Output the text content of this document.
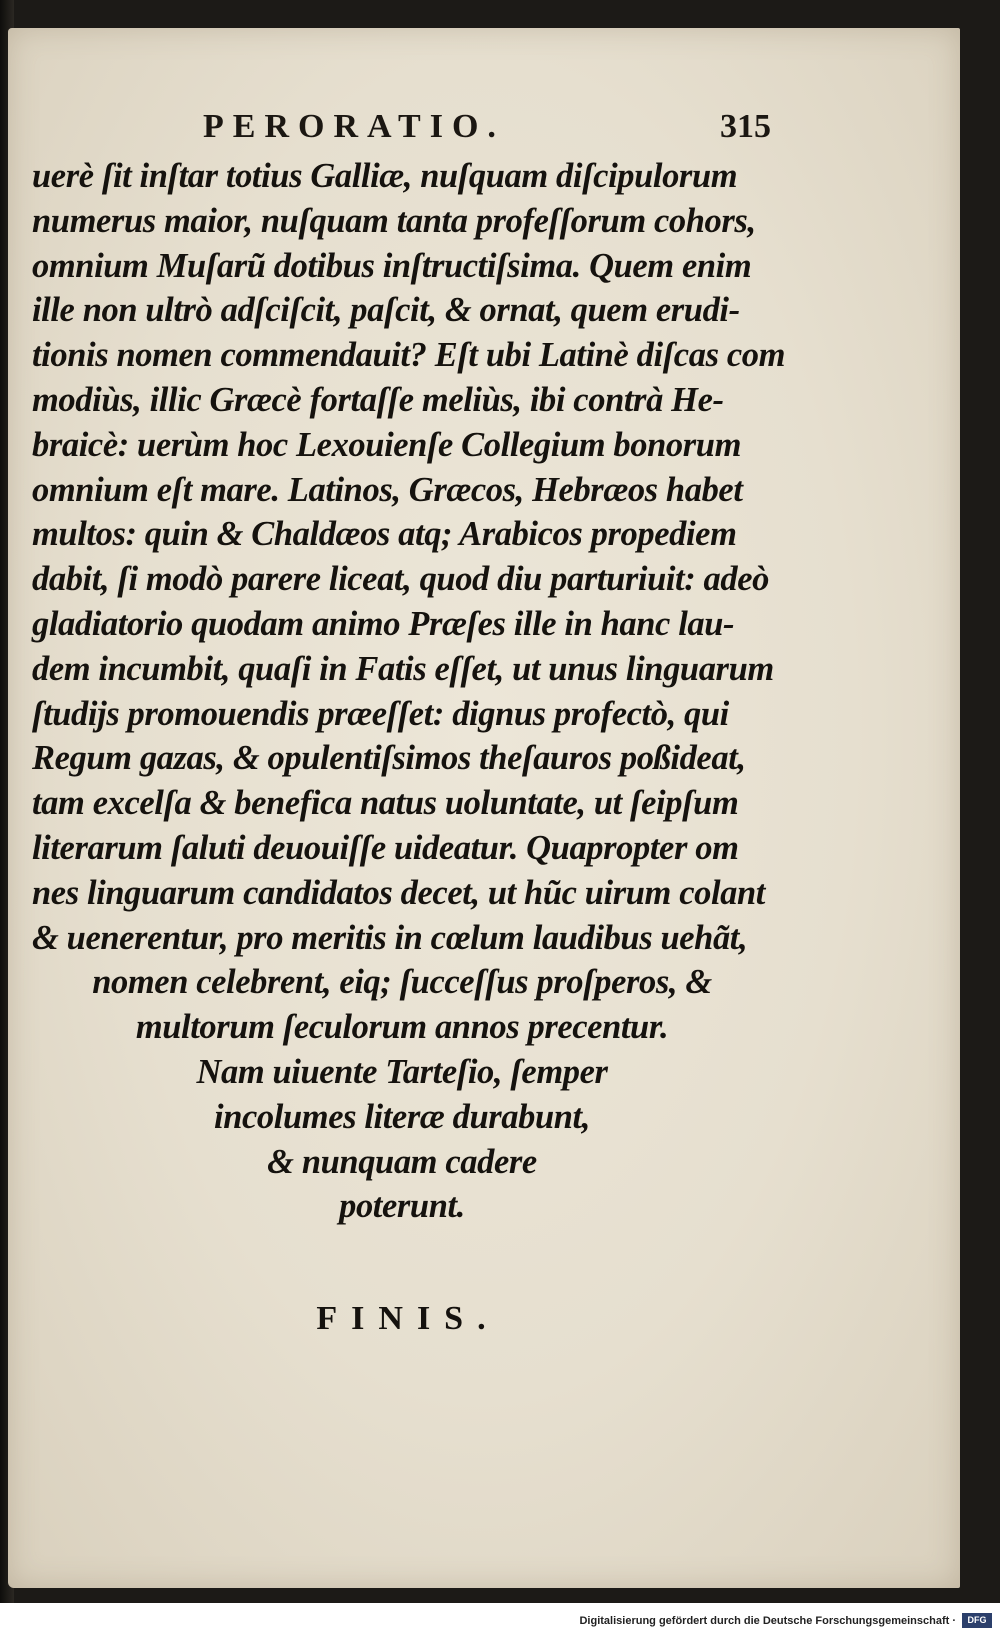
PERORATIO.	315
uerè ſit inſtar totius Galliæ, nuſquam diſcipulorum
numerus maior, nuſquam tanta profeſſorum cohors,
omnium Muſarũ dotibus inſtructiſsima. Quem enim
ille non ultrò adſciſcit, paſcit, & ornat, quem erudi-
tionis nomen commendauit? Eſt ubi Latinè diſcas com
modiùs, illic Græcè fortaſſe meliùs, ibi contrà He-
braicè: uerùm hoc Lexouienſe Collegium bonorum
omnium eſt mare. Latinos, Græcos, Hebræos habet
multos: quin & Chaldæos atq; Arabicos propediem
dabit, ſi modò parere liceat, quod diu parturiuit: adeò
gladiatorio quodam animo Præſes ille in hanc lau-
dem incumbit, quaſi in Fatis eſſet, ut unus linguarum
ſtudijs promouendis præeſſet: dignus profectò, qui
Regum gazas, & opulentiſsimos theſauros poßideat,
tam excelſa & benefica natus uoluntate, ut ſeipſum
literarum ſaluti deuouiſſe uideatur. Quapropter om
nes linguarum candidatos decet, ut hũc uirum colant
& uenerentur, pro meritis in cœlum laudibus uehãt,
nomen celebrent, eiq; ſucceſſus proſperos, &
multorum ſeculorum annos precentur.
Nam uiuente Tarteſio, ſemper
incolumes literæ durabunt,
& nunquam cadere
poterunt.
FINIS.
Digitalisierung gefördert durch die Deutsche Forschungsgemeinschaft ·	DFG
